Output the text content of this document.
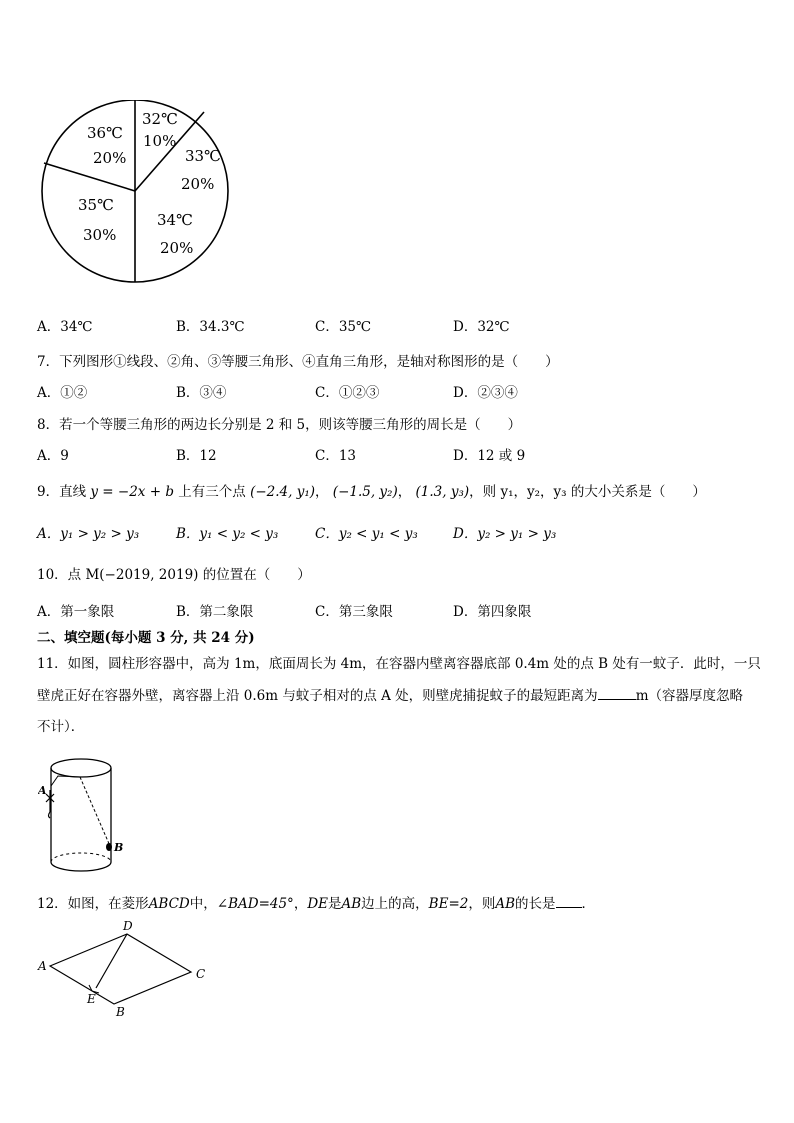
32℃
10%
33℃
20%
34℃
20%
35℃
30%
36℃
20%
A．34℃	B．34.3℃	C．35℃	D．32℃
7．下列图形①线段、②角、③等腰三角形、④直角三角形，是轴对称图形的是（　　）
A．①②	B．③④	C．①②③	D．②③④
8．若一个等腰三角形的两边长分别是 2 和 5，则该等腰三角形的周长是（　　）
A．9	B．12	C．13	D．12 或 9
9．直线 y = −2x + b 上有三个点 (−2.4, y₁)， (−1.5, y₂)， (1.3, y₃)，则 y₁，y₂，y₃ 的大小关系是（　　）
A．y₁ > y₂ > y₃	B．y₁ < y₂ < y₃	C．y₂ < y₁ < y₃	D．y₂ > y₁ > y₃
10．点 M(−2019, 2019) 的位置在（　　）
A．第一象限	B．第二象限	C．第三象限	D．第四象限
二、填空题(每小题 3 分, 共 24 分)
11．如图，圆柱形容器中，高为 1m，底面周长为 4m，在容器内壁离容器底部 0.4m 处的点 B 处有一蚊子．此时，一只
壁虎正好在容器外壁，离容器上沿 0.6m 与蚊子相对的点 A 处，则壁虎捕捉蚊子的最短距离为	m（容器厚度忽略
不计）．
A
B
12．如图，在菱形ABCD中，∠BAD=45°，DE是AB边上的高，BE=2，则AB的长是 ．
A
D
C
E
B
